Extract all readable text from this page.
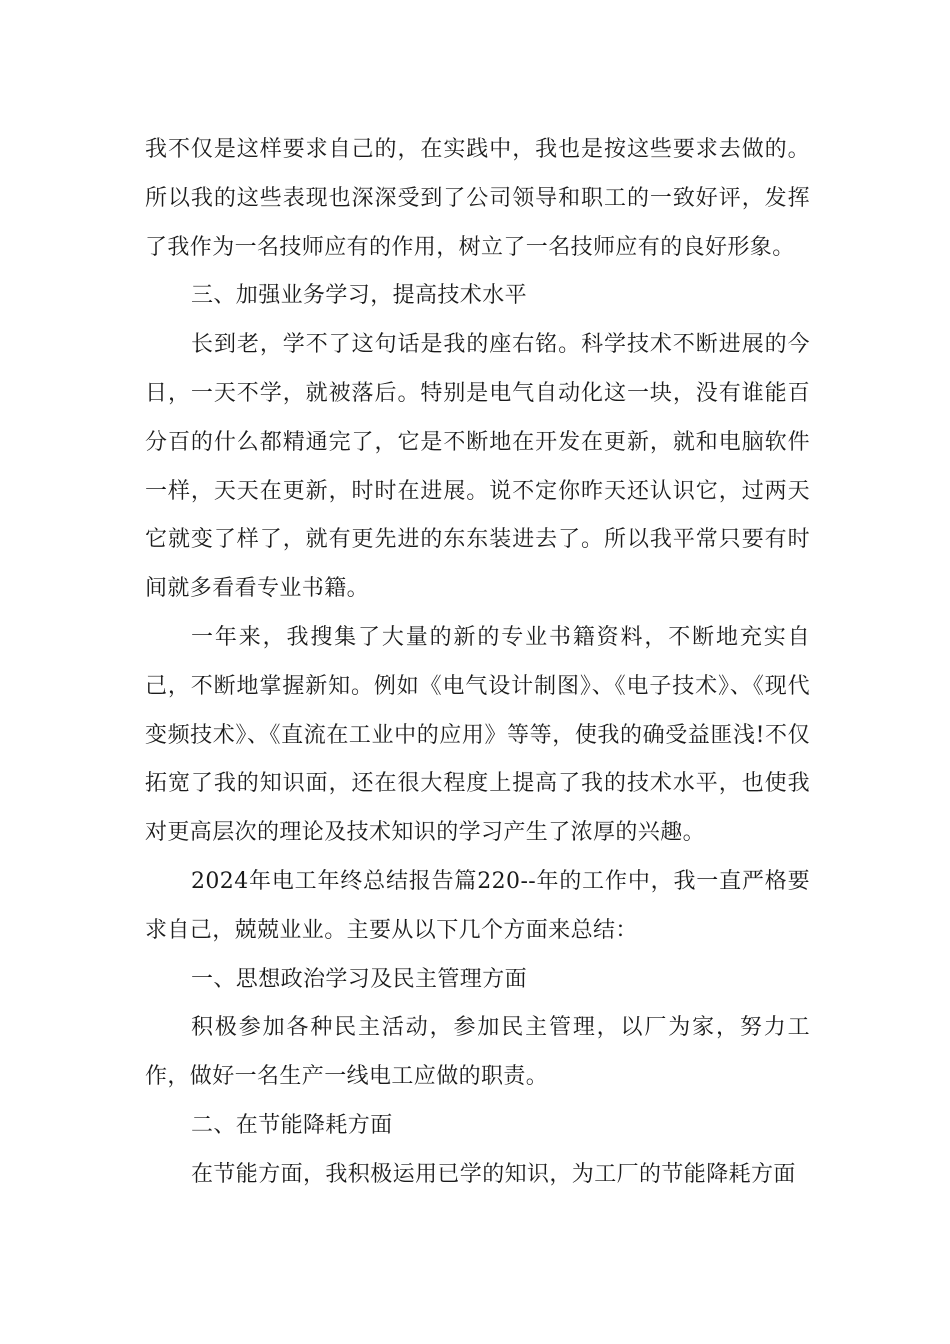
我不仅是这样要求自己的，在实践中，我也是按这些要求去做的。所以我的这些表现也深深受到了公司领导和职工的一致好评，发挥了我作为一名技师应有的作用，树立了一名技师应有的良好形象。

三、加强业务学习，提高技术水平

长到老，学不了这句话是我的座右铭。科学技术不断进展的今日，一天不学，就被落后。特别是电气自动化这一块，没有谁能百分百的什么都精通完了，它是不断地在开发在更新，就和电脑软件一样，天天在更新，时时在进展。说不定你昨天还认识它，过两天它就变了样了，就有更先进的东东装进去了。所以我平常只要有时间就多看看专业书籍。

一年来，我搜集了大量的新的专业书籍资料，不断地充实自己，不断地掌握新知。例如《电气设计制图》、《电子技术》、《现代变频技术》、《直流在工业中的应用》等等，使我的确受益匪浅!不仅拓宽了我的知识面，还在很大程度上提高了我的技术水平，也使我对更高层次的理论及技术知识的学习产生了浓厚的兴趣。

2024年电工年终总结报告篇220--年的工作中，我一直严格要求自己，兢兢业业。主要从以下几个方面来总结：

一、思想政治学习及民主管理方面

积极参加各种民主活动，参加民主管理，以厂为家，努力工作，做好一名生产一线电工应做的职责。

二、在节能降耗方面

在节能方面，我积极运用已学的知识，为工厂的节能降耗方面
